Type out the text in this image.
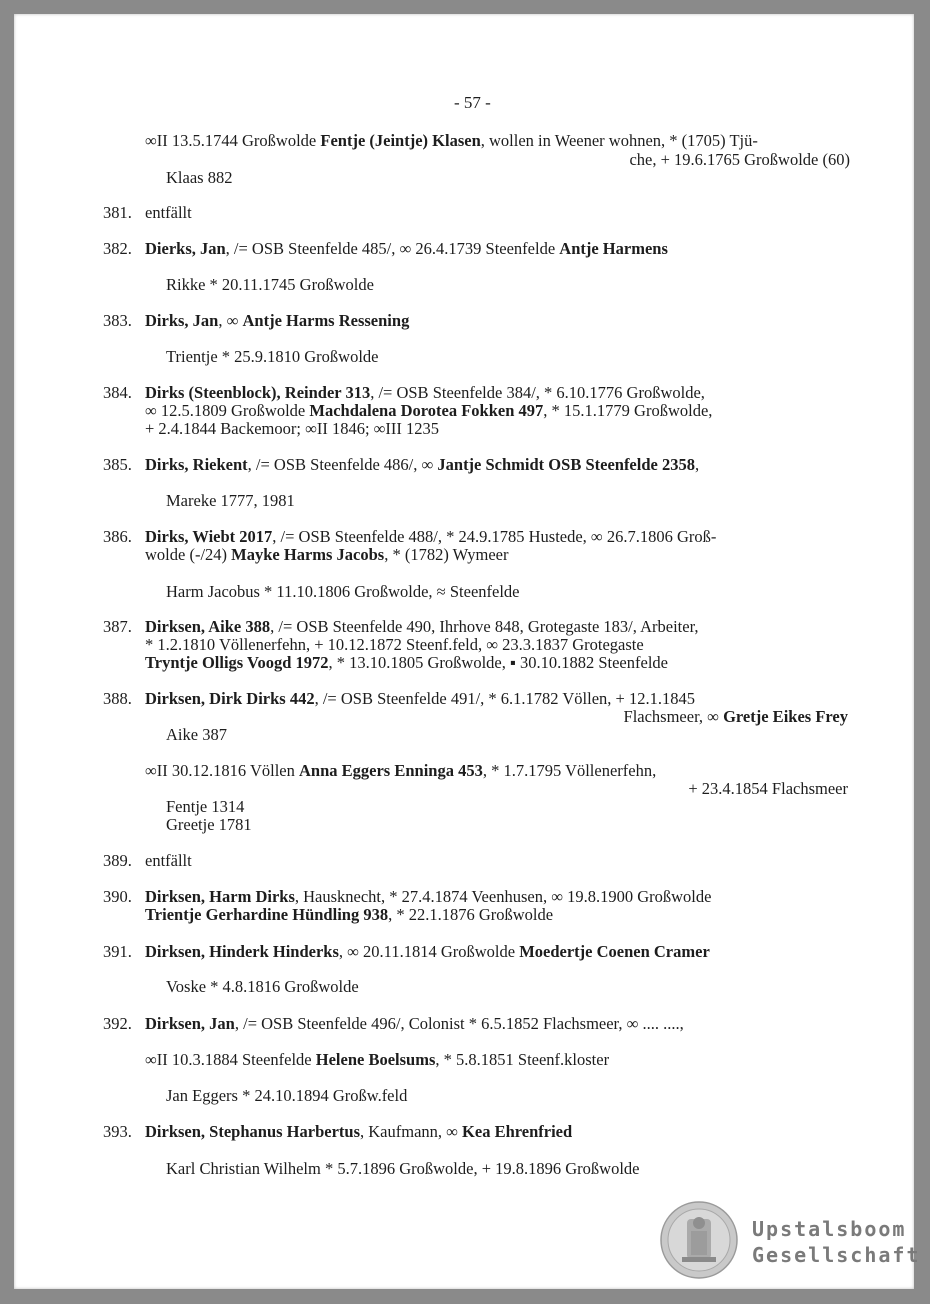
- 57 -
∞II 13.5.1744 Großwolde Fentje (Jeintje) Klasen, wollen in Weener wohnen, * (1705) Tjü-
che, + 19.6.1765 Großwolde (60)
Klaas 882
381. entfällt
382. Dierks, Jan, /= OSB Steenfelde 485/, ∞ 26.4.1739 Steenfelde Antje Harmens
Rikke * 20.11.1745 Großwolde
383. Dirks, Jan, ∞ Antje Harms Ressening
Trientje * 25.9.1810 Großwolde
384. Dirks (Steenblock), Reinder 313, /= OSB Steenfelde 384/, * 6.10.1776 Großwolde,
∞ 12.5.1809 Großwolde Machdalena Dorotea Fokken 497, * 15.1.1779 Großwolde,
+ 2.4.1844 Backemoor; ∞II 1846; ∞III 1235
385. Dirks, Riekent, /= OSB Steenfelde 486/, ∞ Jantje Schmidt OSB Steenfelde 2358,
Mareke 1777, 1981
386. Dirks, Wiebt 2017, /= OSB Steenfelde 488/, * 24.9.1785 Hustede, ∞ 26.7.1806 Groß-
wolde (-/24) Mayke Harms Jacobs, * (1782) Wymeer
Harm Jacobus * 11.10.1806 Großwolde, ≈ Steenfelde
387. Dirksen, Aike 388, /= OSB Steenfelde 490, Ihrhove 848, Grotegaste 183/, Arbeiter,
* 1.2.1810 Völlenerfehn, + 10.12.1872 Steenf.feld, ∞ 23.3.1837 Grotegaste
Tryntje Olligs Voogd 1972, * 13.10.1805 Großwolde, ▪ 30.10.1882 Steenfelde
388. Dirksen, Dirk Dirks 442, /= OSB Steenfelde 491/, * 6.1.1782 Völlen, + 12.1.1845
Flachsmeer, ∞ Gretje Eikes Frey
Aike 387
∞II 30.12.1816 Völlen Anna Eggers Enninga 453, * 1.7.1795 Völlenerfehn,
+ 23.4.1854 Flachsmeer
Fentje 1314
Greetje 1781
389. entfällt
390. Dirksen, Harm Dirks, Hausknecht, * 27.4.1874 Veenhusen, ∞ 19.8.1900 Großwolde
Trientje Gerhardine Hündling 938, * 22.1.1876 Großwolde
391. Dirksen, Hinderk Hinderks, ∞ 20.11.1814 Großwolde Moedertje Coenen Cramer
Voske * 4.8.1816 Großwolde
392. Dirksen, Jan, /= OSB Steenfelde 496/, Colonist * 6.5.1852 Flachsmeer, ∞ .... ....,
∞II 10.3.1884 Steenfelde Helene Boelsums, * 5.8.1851 Steenf.kloster
Jan Eggers * 24.10.1894 Großw.feld
393. Dirksen, Stephanus Harbertus, Kaufmann, ∞ Kea Ehrenfried
Karl Christian Wilhelm * 5.7.1896 Großwolde, + 19.8.1896 Großwolde
Upstalsboom
Gesellschaft
